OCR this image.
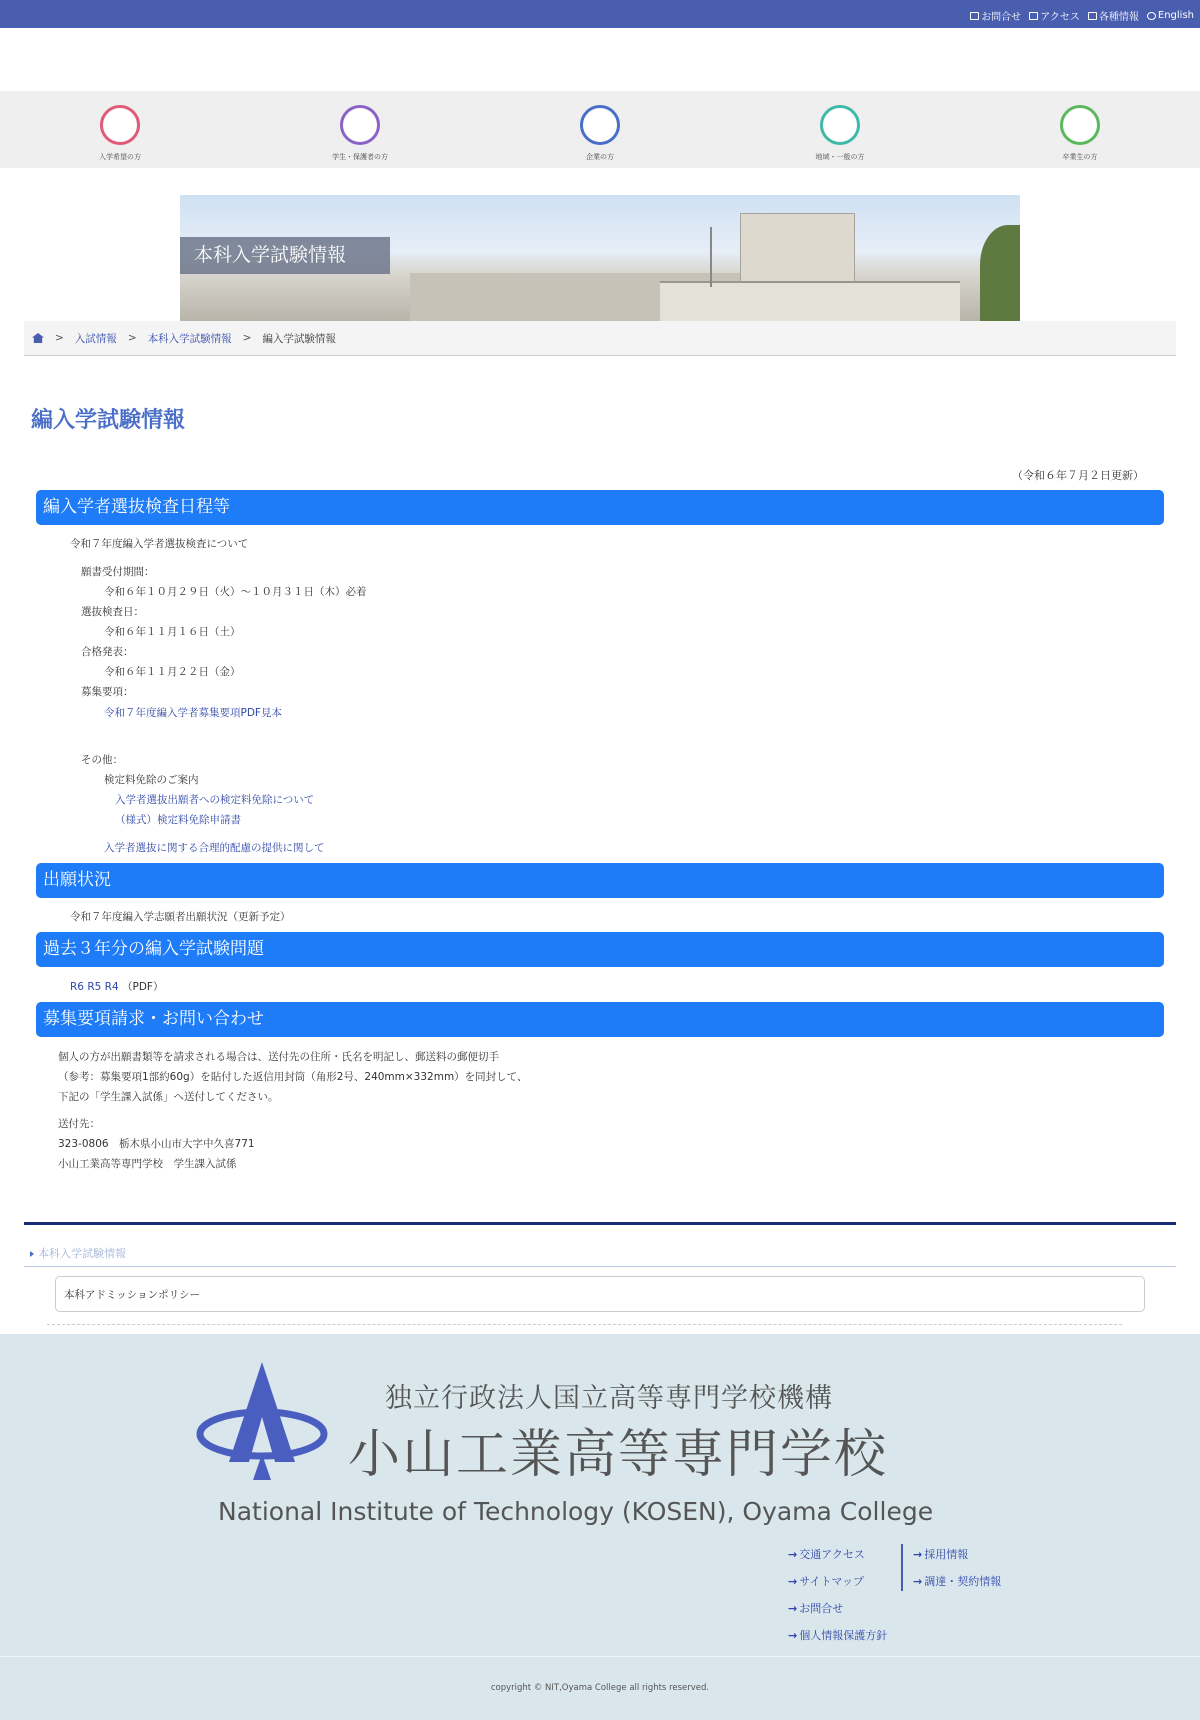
お問合せ アクセス 各種情報 English
入学希望の方	学生・保護者の方	企業の方	地域・一般の方	卒業生の方
本科入学試験情報
> 入試情報 > 本科入学試験情報 > 編入学試験情報
編入学試験情報
（令和６年７月２日更新）
編入学者選抜検査日程等
令和７年度編入学者選抜検査について
願書受付期間：
令和６年１０月２９日（火）〜１０月３１日（木）必着
選抜検査日：
令和６年１１月１６日（土）
合格発表：
令和６年１１月２２日（金）
募集要項：
令和７年度編入学者募集要項PDF見本
その他：
検定料免除のご案内
入学者選抜出願者への検定料免除について
（様式）検定料免除申請書
入学者選抜に関する合理的配慮の提供に関して
出願状況
令和７年度編入学志願者出願状況（更新予定）
過去３年分の編入学試験問題
R6 R5 R4 （PDF）
募集要項請求・お問い合わせ
個人の方が出願書類等を請求される場合は、送付先の住所・氏名を明記し、郵送料の郵便切手
（参考：募集要項1部約60g）を貼付した返信用封筒（角形2号、240mm×332mm）を同封して、
下記の「学生課入試係」へ送付してください。
送付先：
323-0806　栃木県小山市大字中久喜771
小山工業高等専門学校　学生課入試係
本科入学試験情報
本科アドミッションポリシー
独立行政法人国立高等専門学校機構
小山工業高等専門学校
National Institute of Technology (KOSEN), Oyama College
→ 交通アクセス
→ サイトマップ
→ お問合せ
→ 個人情報保護方針
→ 採用情報
→ 調達・契約情報
copyright © NIT,Oyama College all rights reserved.
